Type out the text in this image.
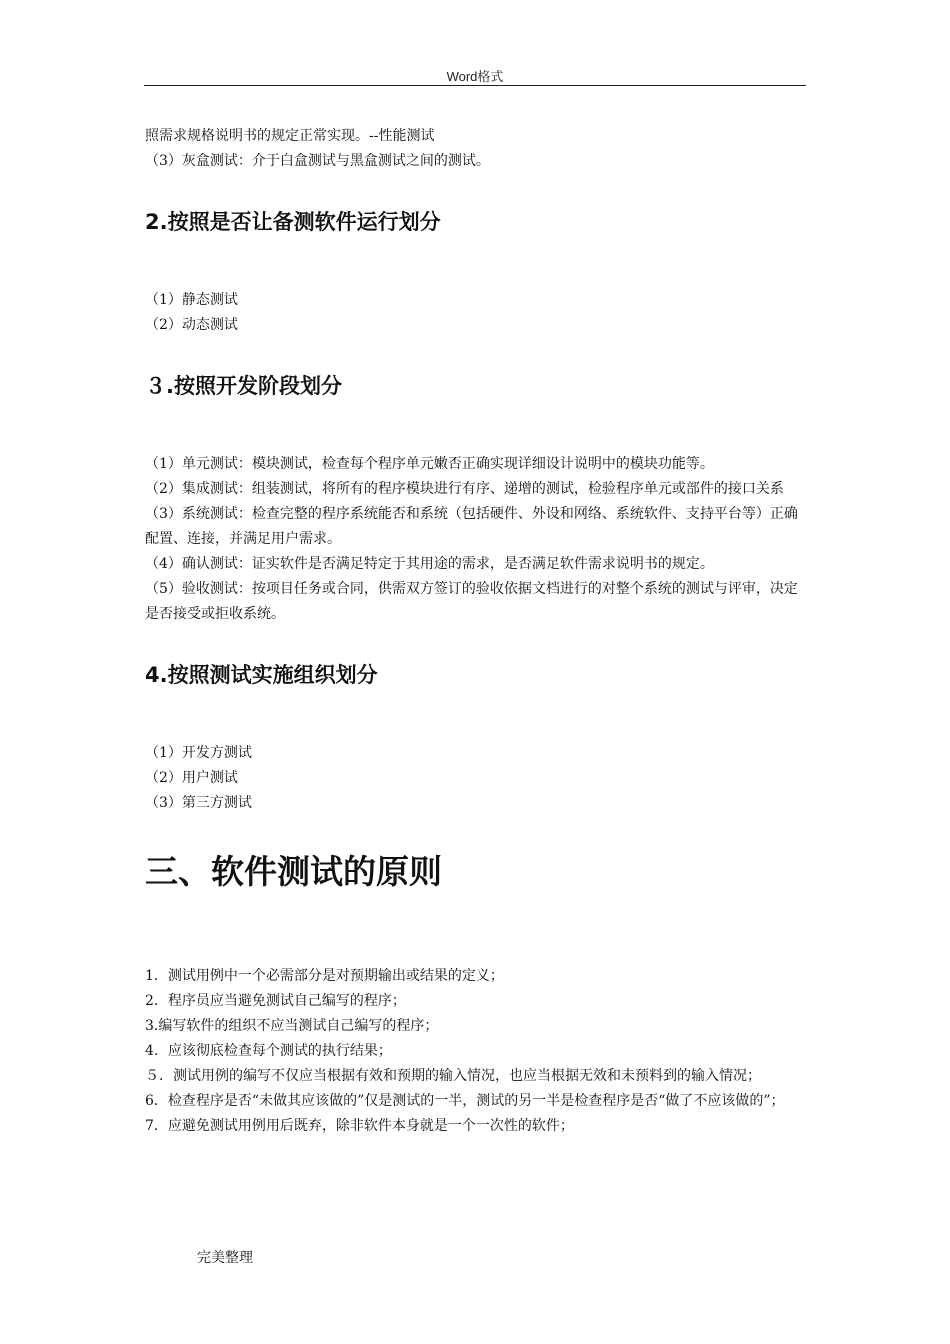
Word格式

照需求规格说明书的规定正常实现。--性能测试

（3）灰盒测试：介于白盒测试与黑盒测试之间的测试。

2.按照是否让备测软件运行划分

（1）静态测试

（2）动态测试

３.按照开发阶段划分

（1）单元测试：模块测试，检查每个程序单元嫩否正确实现详细设计说明中的模块功能等。

（2）集成测试：组装测试，将所有的程序模块进行有序、递增的测试，检验程序单元或部件的接口关系

（3）系统测试：检查完整的程序系统能否和系统（包括硬件、外设和网络、系统软件、支持平台等）正确配置、连接，并满足用户需求。

（4）确认测试：证实软件是否满足特定于其用途的需求，是否满足软件需求说明书的规定。

（5）验收测试：按项目任务或合同，供需双方签订的验收依据文档进行的对整个系统的测试与评审，决定是否接受或拒收系统。

4.按照测试实施组织划分

（1）开发方测试

（2）用户测试

（3）第三方测试

三、软件测试的原则

1．测试用例中一个必需部分是对预期输出或结果的定义；

2．程序员应当避免测试自己编写的程序；

3.编写软件的组织不应当测试自己编写的程序；

4．应该彻底检查每个测试的执行结果；

５．测试用例的编写不仅应当根据有效和预期的输入情况，也应当根据无效和未预料到的输入情况；

6．检查程序是否“未做其应该做的”仅是测试的一半，测试的另一半是检查程序是否“做了不应该做的”；

7．应避免测试用例用后既弃，除非软件本身就是一个一次性的软件；

完美整理
